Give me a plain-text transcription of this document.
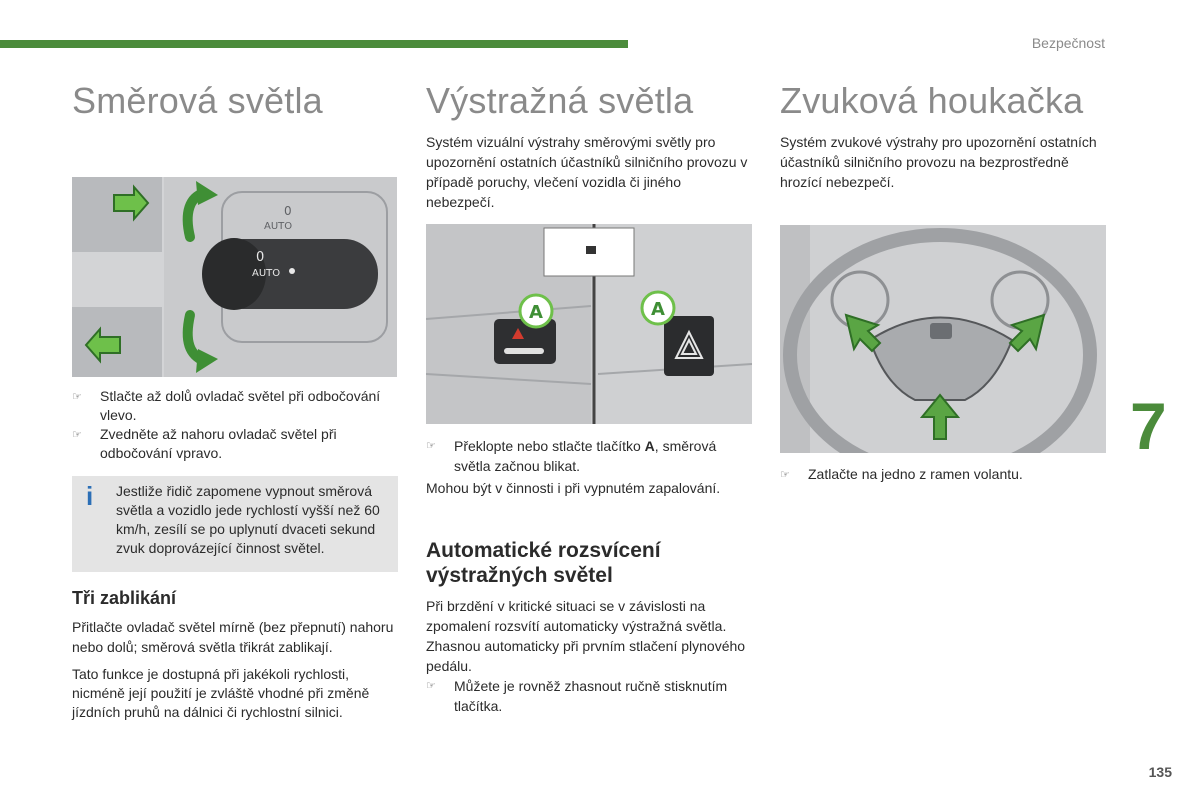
Bezpečnost
Směrová světla
AUTO
0
0
AUTO
☞	Stlačte až dolů ovladač světel při odbočování vlevo.
☞	Zvedněte až nahoru ovladač světel při odbočování vpravo.
i	Jestliže řidič zapomene vypnout směrová světla a vozidlo jede rychlostí vyšší než 60 km/h, zesílí se po uplynutí dvaceti sekund zvuk doprovázející činnost světel.
Tři zablikání

Přitlačte ovladač světel mírně (bez přepnutí) nahoru nebo dolů; směrová světla třikrát zablikají.

Tato funkce je dostupná při jakékoli rychlosti, nicméně její použití je zvláště vhodné při změně jízdních pruhů na dálnici či rychlostní silnici.

Výstražná světla

Systém vizuální výstrahy směrovými světly pro upozornění ostatních účastníků silničního provozu v případě poruchy, vlečení vozidla či jiného nebezpečí.

A	A
☞	Překlopte nebo stlačte tlačítko A, směrová světla začnou blikat.

Mohou být v činnosti i při vypnutém zapalování.

Automatické rozsvícení výstražných světel

Při brzdění v kritické situaci se v závislosti na zpomalení rozsvítí automaticky výstražná světla.

Zhasnou automaticky při prvním stlačení plynového pedálu.

☞	Můžete je rovněž zhasnout ručně stisknutím tlačítka.
Zvuková houkačka

Systém zvukové výstrahy pro upozornění ostatních účastníků silničního provozu na bezprostředně hrozící nebezpečí.

☞	Zatlačte na jedno z ramen volantu.
7
135
